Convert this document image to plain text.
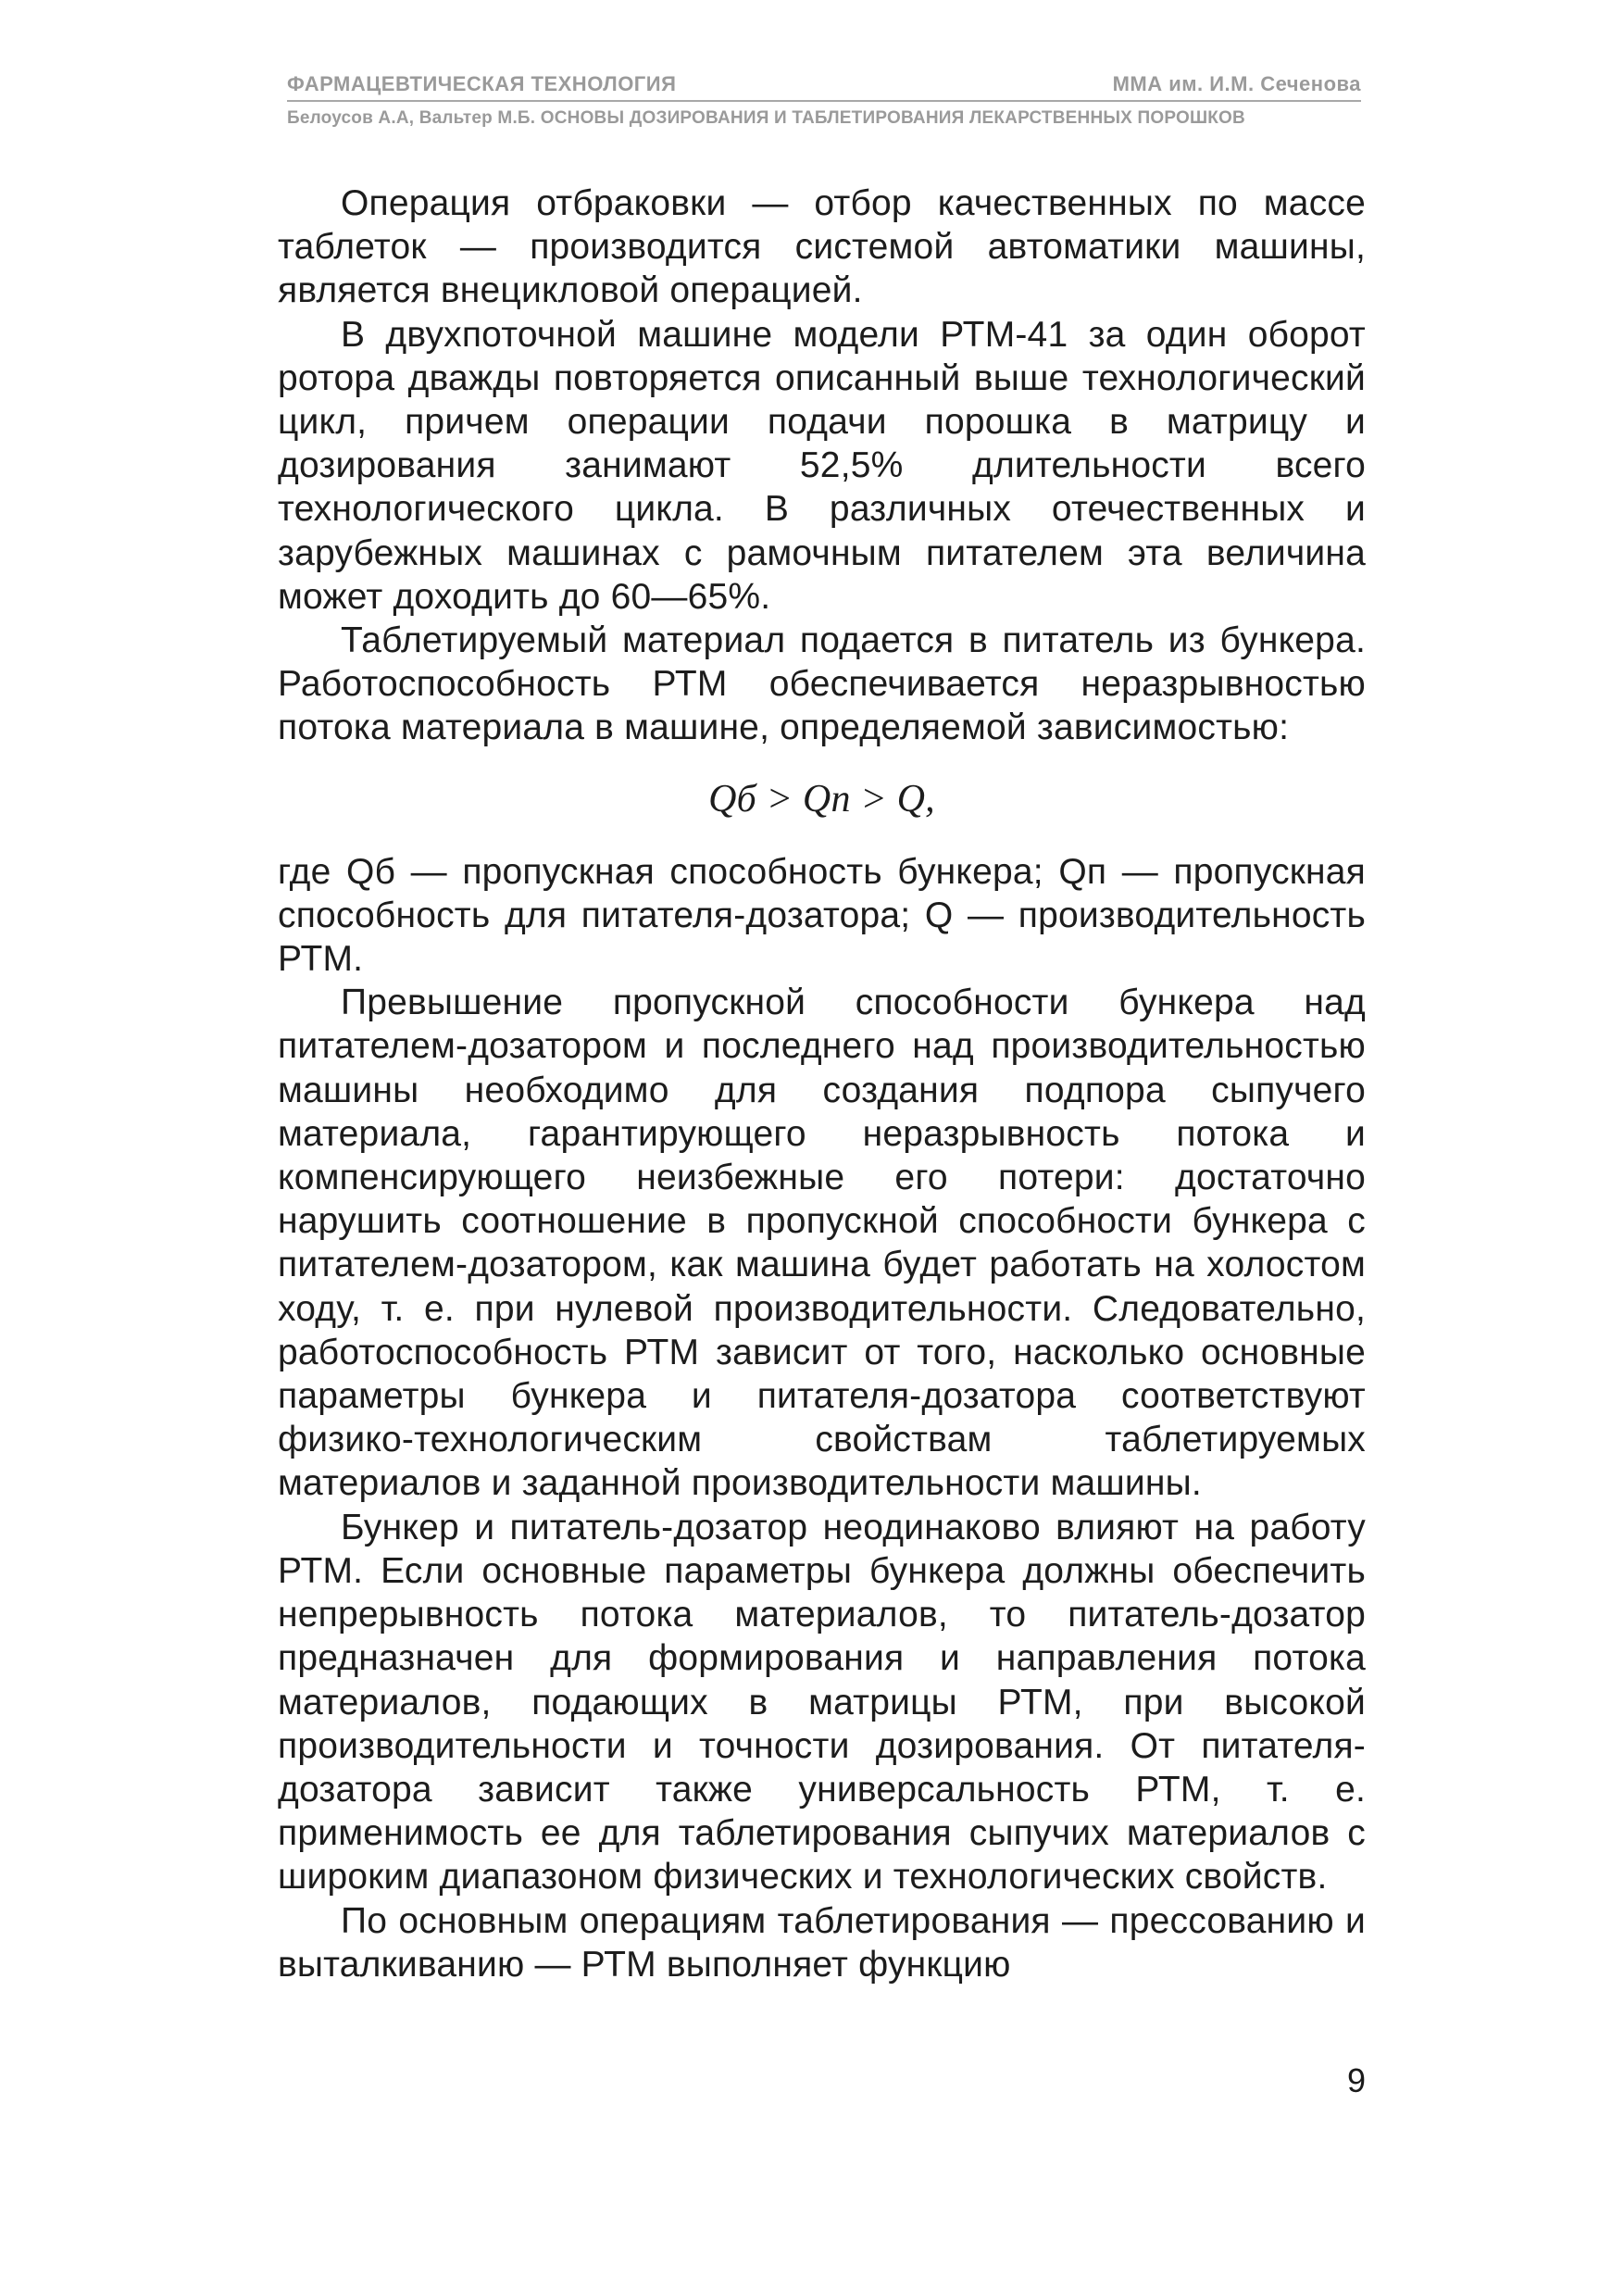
ФАРМАЦЕВТИЧЕСКАЯ ТЕХНОЛОГИЯ	ММА им. И.М. Сеченова
Белоусов А.А, Вальтер М.Б. ОСНОВЫ ДОЗИРОВАНИЯ И ТАБЛЕТИРОВАНИЯ ЛЕКАРСТВЕННЫХ ПОРОШКОВ

Операция отбраковки — отбор качественных по массе таблеток — производится системой автоматики машины, является внецикловой операцией.

В двухпоточной машине модели РТМ-41 за один оборот ротора дважды повторяется описанный выше технологический цикл, причем операции подачи порошка в матрицу и дозирования занимают 52,5% длительности всего технологического цикла. В различных отечественных и зарубежных машинах с рамочным питателем эта величина может доходить до 60—65%.

Таблетируемый материал подается в питатель из бункера. Работоспособность РТМ обеспечивается неразрывностью потока материала в машине, определяемой зависимостью:

Qб > Qп > Q,

где Qб — пропускная способность бункера; Qп — пропускная способность для питателя-дозатора; Q — производительность РТМ.

Превышение пропускной способности бункера над питателем-дозатором и последнего над производительностью машины необходимо для создания подпора сыпучего материала, гарантирующего неразрывность потока и компенсирующего неизбежные его потери: достаточно нарушить соотношение в пропускной способности бункера с питателем-дозатором, как машина будет работать на холостом ходу, т. е. при нулевой производительности. Следовательно, работоспособность РТМ зависит от того, насколько основные параметры бункера и питателя-дозатора соответствуют физико-технологическим свойствам таблетируемых материалов и заданной производительности машины.

Бункер и питатель-дозатор неодинаково влияют на работу РТМ. Если основные параметры бункера должны обеспечить непрерывность потока материалов, то питатель-дозатор предназначен для формирования и направления потока материалов, подающих в матрицы РТМ, при высокой производительности и точности дозирования. От питателя-дозатора зависит также универсальность РТМ, т. е. применимость ее для таблетирования сыпучих материалов с широким диапазоном физических и технологических свойств.

По основным операциям таблетирования — прессованию и выталкиванию — РТМ выполняет функцию

9
